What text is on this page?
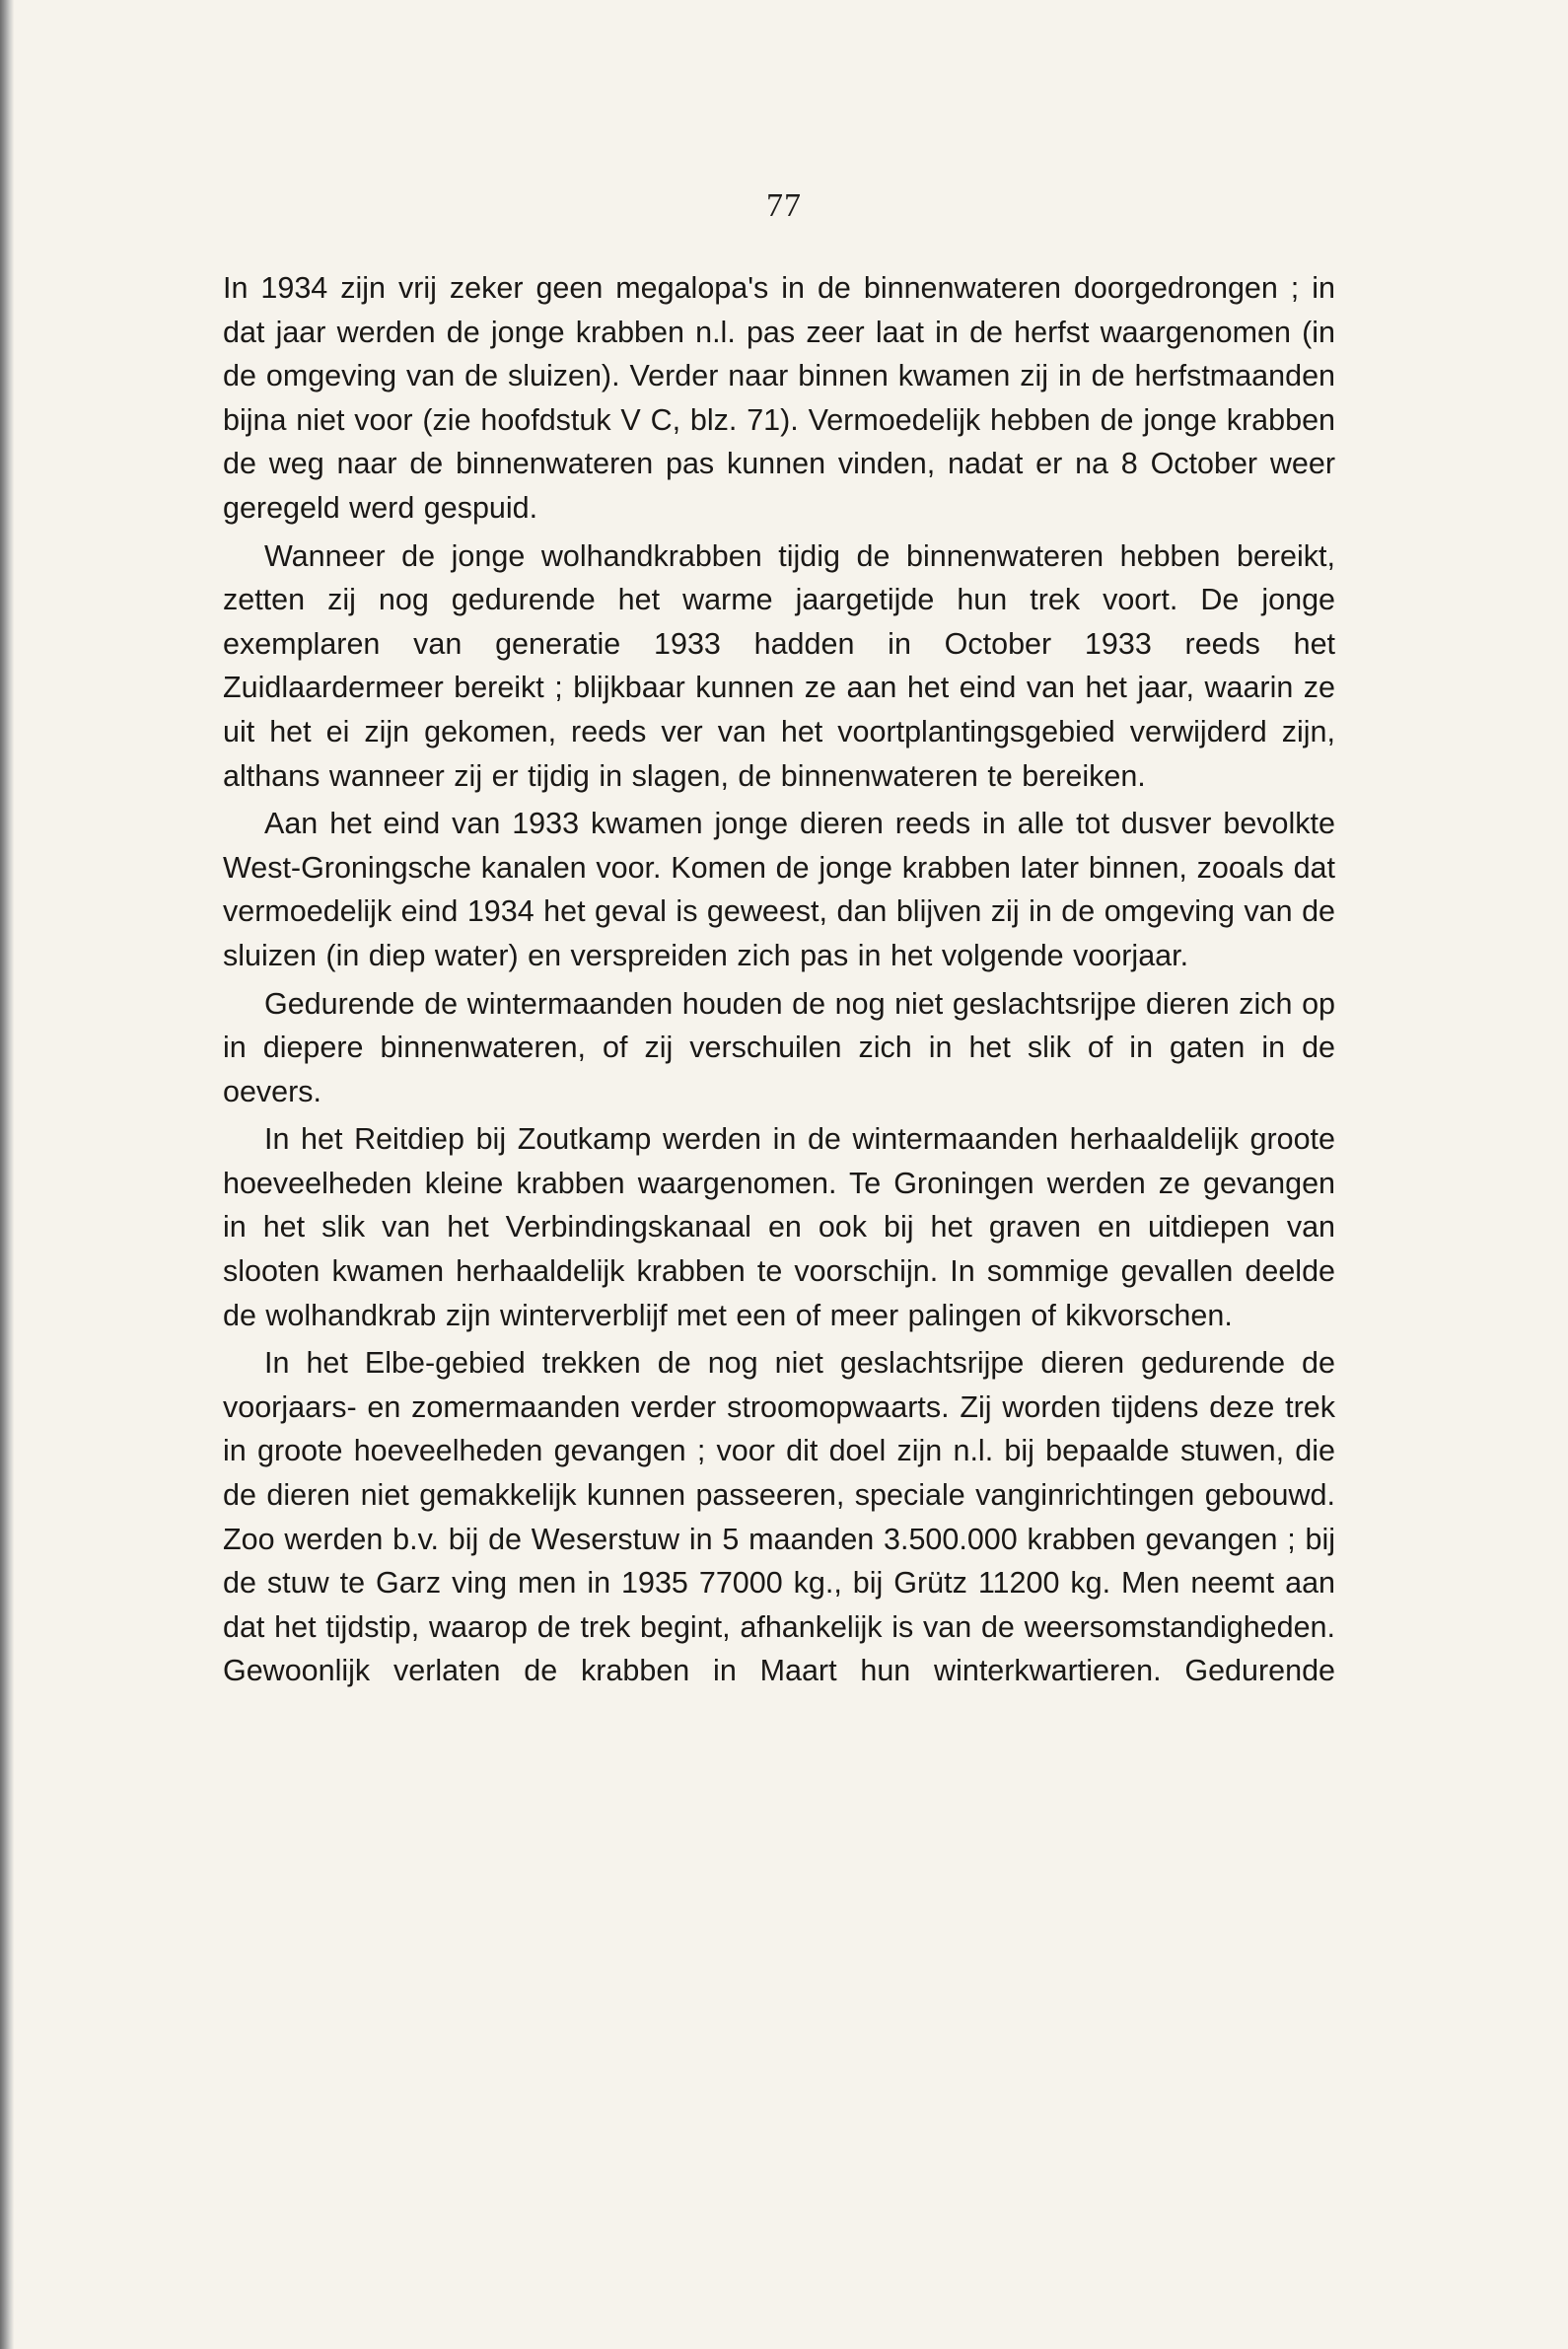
77

In 1934 zijn vrij zeker geen megalopa's in de binnenwateren doorgedrongen ; in dat jaar werden de jonge krabben n.l. pas zeer laat in de herfst waargenomen (in de omgeving van de sluizen). Verder naar binnen kwamen zij in de herfstmaanden bijna niet voor (zie hoofdstuk V C, blz. 71). Vermoedelijk hebben de jonge krabben de weg naar de binnenwateren pas kunnen vinden, nadat er na 8 October weer geregeld werd gespuid.

Wanneer de jonge wolhandkrabben tijdig de binnenwateren hebben bereikt, zetten zij nog gedurende het warme jaargetijde hun trek voort. De jonge exemplaren van generatie 1933 hadden in October 1933 reeds het Zuidlaardermeer bereikt ; blijkbaar kunnen ze aan het eind van het jaar, waarin ze uit het ei zijn gekomen, reeds ver van het voortplantingsgebied verwijderd zijn, althans wanneer zij er tijdig in slagen, de binnenwateren te bereiken.

Aan het eind van 1933 kwamen jonge dieren reeds in alle tot dusver bevolkte West-Groningsche kanalen voor. Komen de jonge krabben later binnen, zooals dat vermoedelijk eind 1934 het geval is geweest, dan blijven zij in de omgeving van de sluizen (in diep water) en verspreiden zich pas in het volgende voorjaar.

Gedurende de wintermaanden houden de nog niet geslachtsrijpe dieren zich op in diepere binnenwateren, of zij verschuilen zich in het slik of in gaten in de oevers.

In het Reitdiep bij Zoutkamp werden in de wintermaanden herhaaldelijk groote hoeveelheden kleine krabben waargenomen. Te Groningen werden ze gevangen in het slik van het Verbindingskanaal en ook bij het graven en uitdiepen van slooten kwamen herhaaldelijk krabben te voorschijn. In sommige gevallen deelde de wolhandkrab zijn winterverblijf met een of meer palingen of kikvorschen.

In het Elbe-gebied trekken de nog niet geslachtsrijpe dieren gedurende de voorjaars- en zomermaanden verder stroomopwaarts. Zij worden tijdens deze trek in groote hoeveelheden gevangen ; voor dit doel zijn n.l. bij bepaalde stuwen, die de dieren niet gemakkelijk kunnen passeeren, speciale vanginrichtingen gebouwd. Zoo werden b.v. bij de Weserstuw in 5 maanden 3.500.000 krabben gevangen ; bij de stuw te Garz ving men in 1935 77000 kg., bij Grütz 11200 kg. Men neemt aan dat het tijdstip, waarop de trek begint, afhankelijk is van de weersomstandigheden. Gewoonlijk verlaten de krabben in Maart hun winterkwartieren. Gedurende
